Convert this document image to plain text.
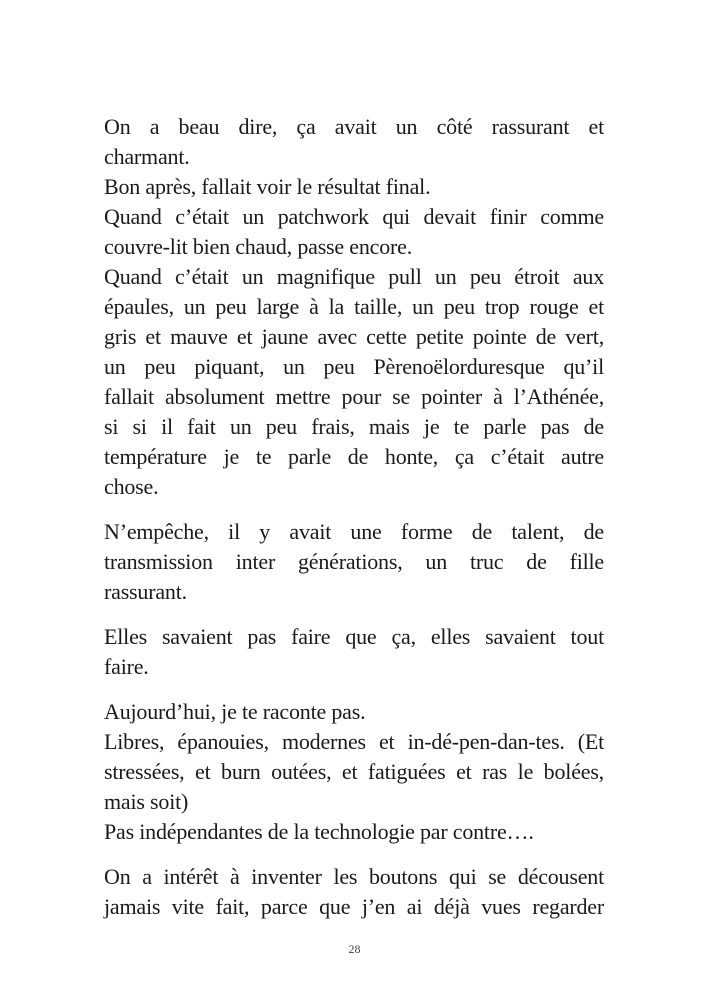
On a beau dire, ça avait un côté rassurant et
charmant.
Bon après, fallait voir le résultat final.
Quand c’était un patchwork qui devait finir comme
couvre-lit bien chaud, passe encore.
Quand c’était un magnifique pull un peu étroit aux
épaules, un peu large à la taille, un peu trop rouge et
gris et mauve et jaune avec cette petite pointe de vert,
un peu piquant, un peu Pèrenoëlorduresque qu’il
fallait absolument mettre pour se pointer à l’Athénée,
si si il fait un peu frais, mais je te parle pas de
température je te parle de honte, ça c’était autre
chose.
N’empêche, il y avait une forme de talent, de
transmission inter générations, un truc de fille
rassurant.
Elles savaient pas faire que ça, elles savaient tout
faire.
Aujourd’hui, je te raconte pas.
Libres, épanouies, modernes et in-dé-pen-dan-tes. (Et
stressées, et burn outées, et fatiguées et ras le bolées,
mais soit)
Pas indépendantes de la technologie par contre….
On a intérêt à inventer les boutons qui se décousent
jamais vite fait, parce que j’en ai déjà vues regarder
28
